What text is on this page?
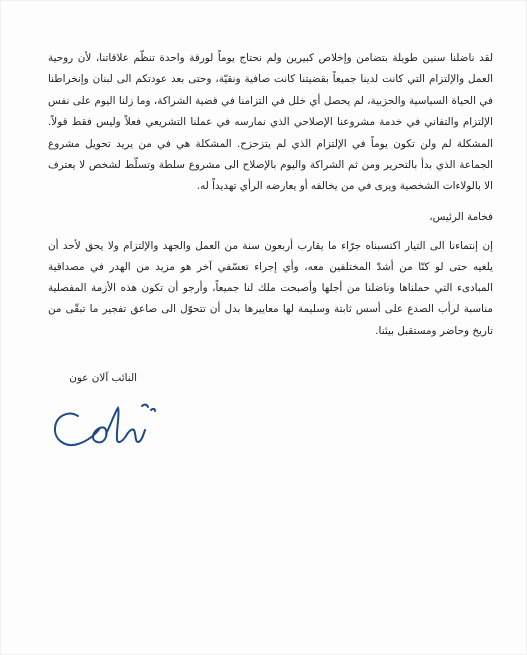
لقد ناضلنا سنين طويلة بتضامن وإخلاص كبيرين ولم نحتاج يوماً لورقة واحدة تنظّم علاقاتنا، لأن روحية العمل والإلتزام التي كانت لدينا جميعاً بقضيتنا كانت صافية ونقيّة، وحتى بعد عودتكم الى لبنان وإنخراطنا في الحياة السياسية والحزبية، لم يحصل أي خلل في التزامنا في قضية الشراكة، وما زلنا اليوم على نفس الإلتزام والتفاني في خدمة مشروعنا الإصلاحي الذي نمارسه في عملنا التشريعي فعلاً وليس فقط قولاً. المشكلة لم ولن تكون يوماً في الإلتزام الذي لم يتزحزح. المشكلة هي في من يريد تحويل مشروع الجماعة الذي بدأ بالتحرير ومن ثم الشراكة واليوم بالإصلاح الى مشروع سلطة وتسلّط لشخص لا يعترف الا بالولاءات الشخصية ويرى في من يخالفه أو يعارضه الرأي تهديداً له.

فخامة الرئيس،

إن إنتماءنا الى التيار اكتسبناه جرّاء ما يقارب أربعون سنة من العمل والجهد والإلتزام ولا يحق لأحد أن يلغيه حتى لو كنّا من أشدّ المختلفين معه، وأي إجراء تعسّفي آخر هو مزيد من الهدر في مصداقية المبادىء التي حملناها وناضلنا من أجلها وأصبحت ملك لنا جميعاً، وأرجو أن تكون هذه الأزمة المفصلية مناسبة لرأب الصدع على أسس ثابتة وسليمة لها معاييرها بدل أن تتحوّل الى صاعق تفجير ما تبقّى من تاريخ وحاضر ومستقبل بيئنا.

النائب آلان عون
